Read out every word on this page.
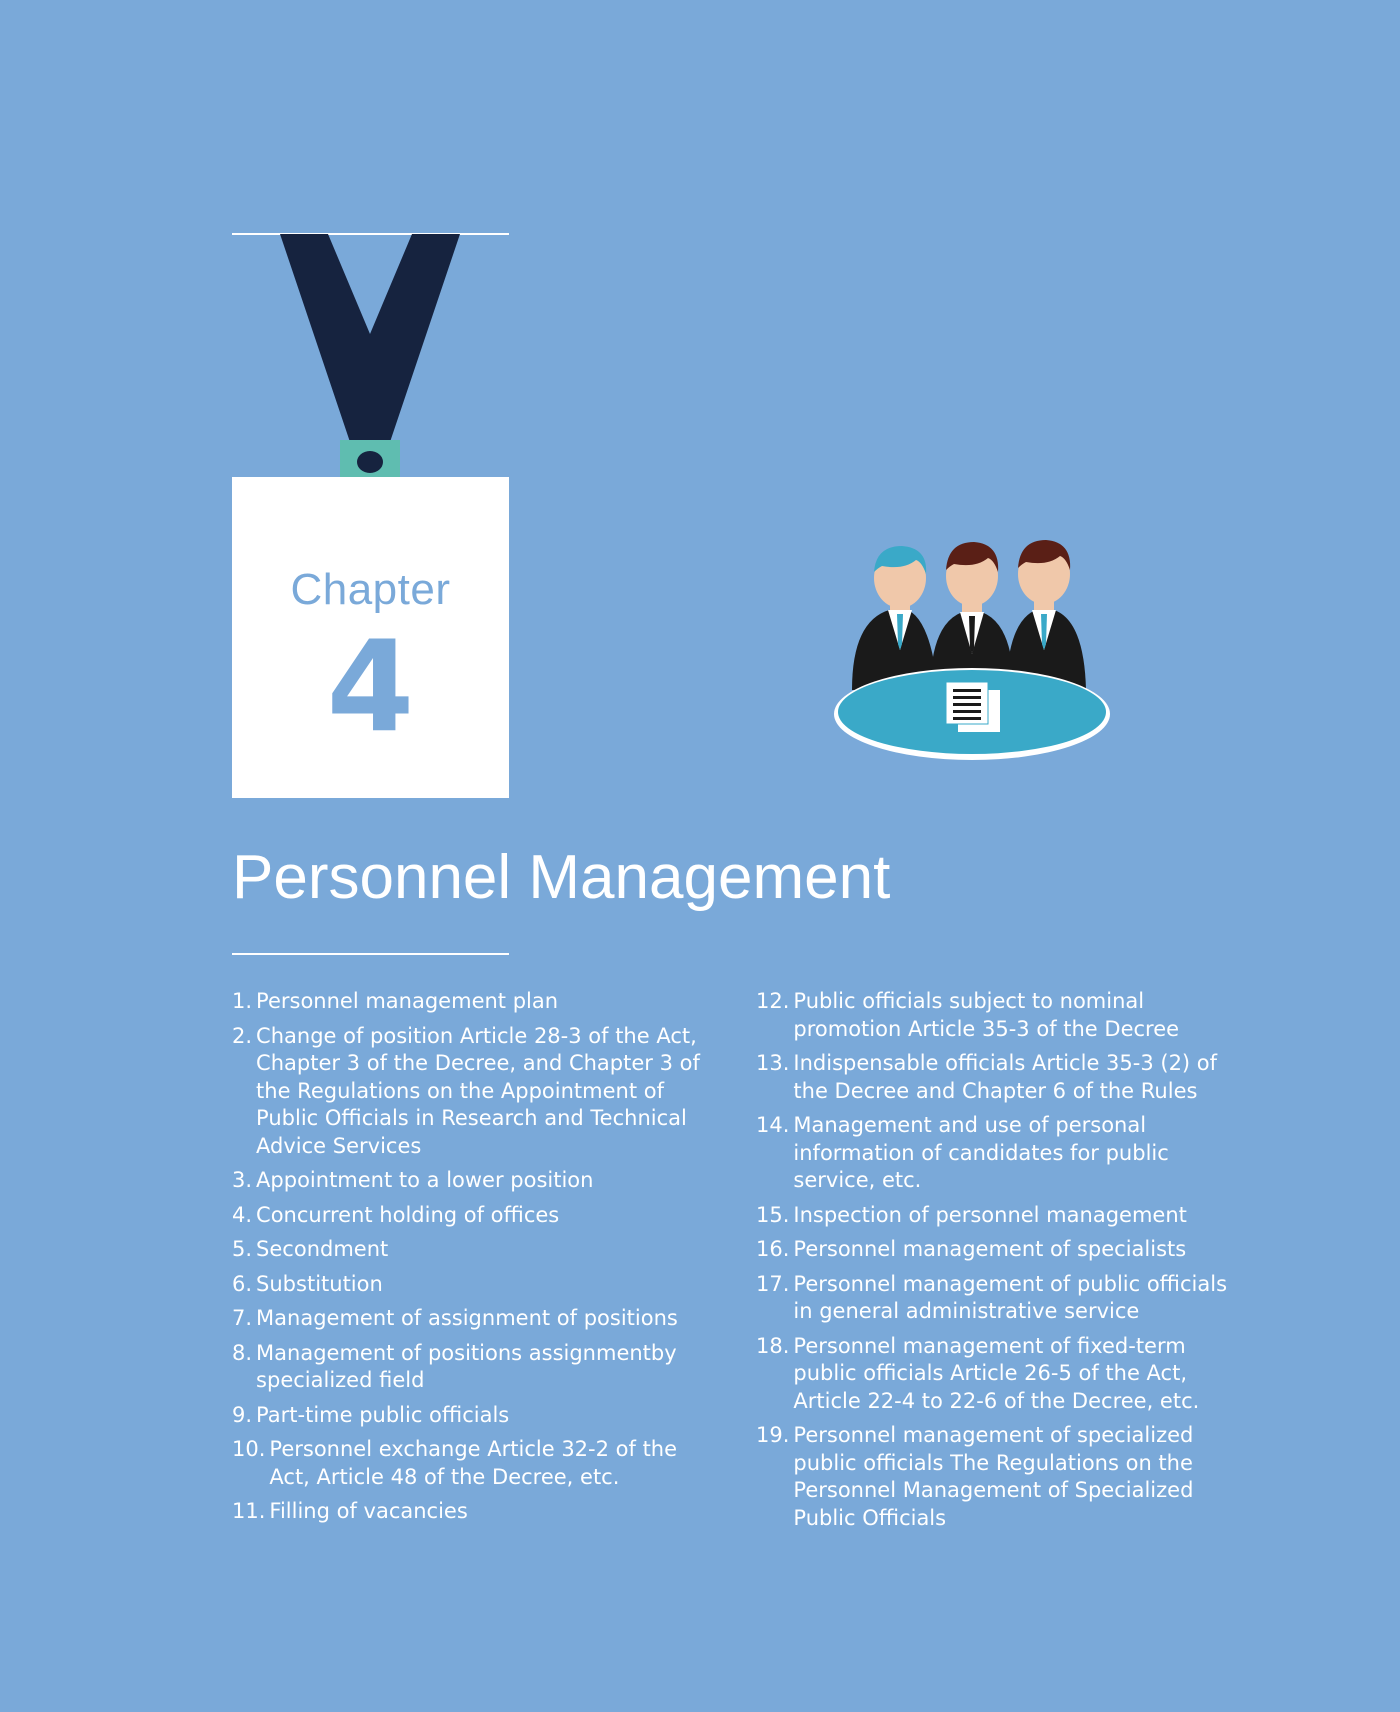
Chapter
4
Personnel Management
1. Personnel management plan
2. Change of position Article 28-3 of the Act, Chapter 3 of the Decree, and Chapter 3 of the Regulations on the Appointment of Public Officials in Research and Technical Advice Services
3. Appointment to a lower position
4. Concurrent holding of offices
5. Secondment
6. Substitution
7. Management of assignment of positions
8. Management of positions assignmentby specialized field
9. Part-time public officials
10. Personnel exchange Article 32-2 of the Act, Article 48 of the Decree, etc.
11. Filling of vacancies
12. Public officials subject to nominal promotion Article 35-3 of the Decree
13. Indispensable officials Article 35-3 (2) of the Decree and Chapter 6 of the Rules
14. Management and use of personal information of candidates for public service, etc.
15. Inspection of personnel management
16. Personnel management of specialists
17. Personnel management of public officials in general administrative service
18. Personnel management of fixed-term public officials Article 26-5 of the Act, Article 22-4 to 22-6 of the Decree, etc.
19. Personnel management of specialized public officials The Regulations on the Personnel Management of Specialized Public Officials
